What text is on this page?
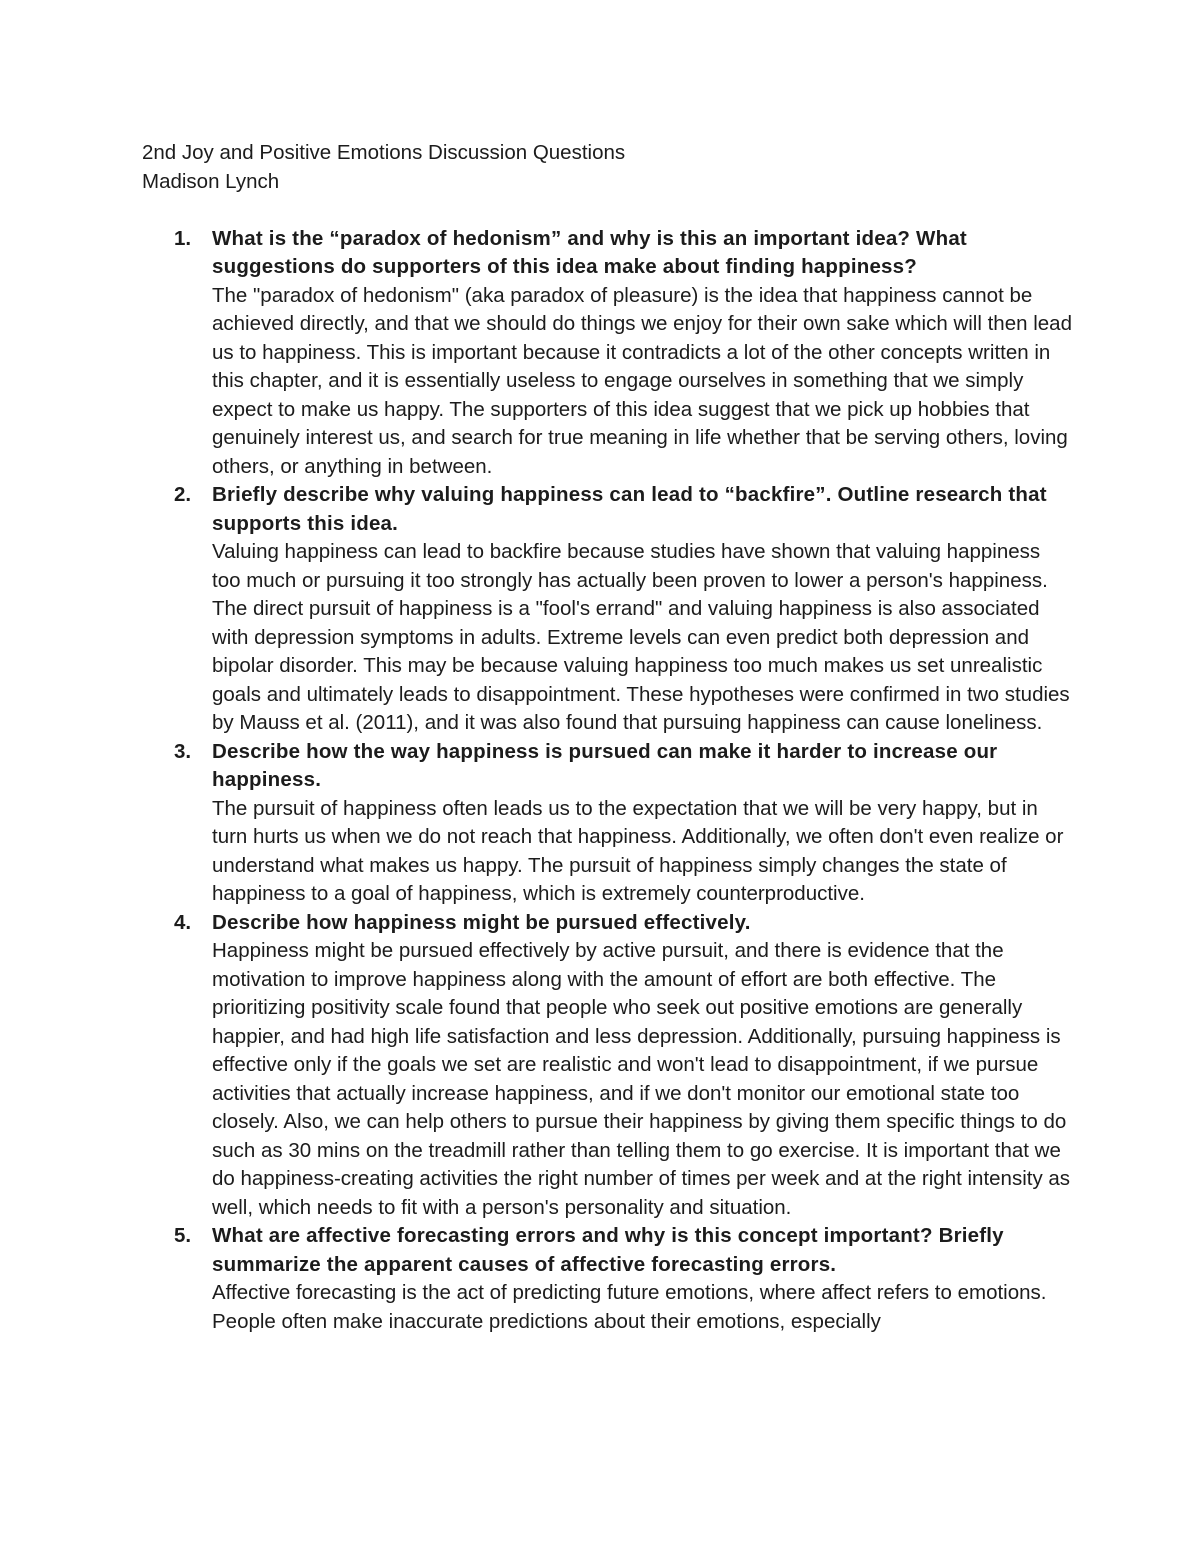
2nd Joy and Positive Emotions Discussion Questions

Madison Lynch

1. What is the “paradox of hedonism” and why is this an important idea? What suggestions do supporters of this idea make about finding happiness?
The "paradox of hedonism" (aka paradox of pleasure) is the idea that happiness cannot be achieved directly, and that we should do things we enjoy for their own sake which will then lead us to happiness. This is important because it contradicts a lot of the other concepts written in this chapter, and it is essentially useless to engage ourselves in something that we simply expect to make us happy. The supporters of this idea suggest that we pick up hobbies that genuinely interest us, and search for true meaning in life whether that be serving others, loving others, or anything in between.
2. Briefly describe why valuing happiness can lead to “backfire”. Outline research that supports this idea.
Valuing happiness can lead to backfire because studies have shown that valuing happiness too much or pursuing it too strongly has actually been proven to lower a person's happiness. The direct pursuit of happiness is a "fool's errand" and valuing happiness is also associated with depression symptoms in adults. Extreme levels can even predict both depression and bipolar disorder. This may be because valuing happiness too much makes us set unrealistic goals and ultimately leads to disappointment. These hypotheses were confirmed in two studies by Mauss et al. (2011), and it was also found that pursuing happiness can cause loneliness.
3. Describe how the way happiness is pursued can make it harder to increase our happiness.
The pursuit of happiness often leads us to the expectation that we will be very happy, but in turn hurts us when we do not reach that happiness. Additionally, we often don't even realize or understand what makes us happy. The pursuit of happiness simply changes the state of happiness to a goal of happiness, which is extremely counterproductive.
4. Describe how happiness might be pursued effectively.
Happiness might be pursued effectively by active pursuit, and there is evidence that the motivation to improve happiness along with the amount of effort are both effective. The prioritizing positivity scale found that people who seek out positive emotions are generally happier, and had high life satisfaction and less depression. Additionally, pursuing happiness is effective only if the goals we set are realistic and won't lead to disappointment, if we pursue activities that actually increase happiness, and if we don't monitor our emotional state too closely. Also, we can help others to pursue their happiness by giving them specific things to do such as 30 mins on the treadmill rather than telling them to go exercise. It is important that we do happiness-creating activities the right number of times per week and at the right intensity as well, which needs to fit with a person's personality and situation.
5. What are affective forecasting errors and why is this concept important? Briefly summarize the apparent causes of affective forecasting errors.
Affective forecasting is the act of predicting future emotions, where affect refers to emotions. People often make inaccurate predictions about their emotions, especially
